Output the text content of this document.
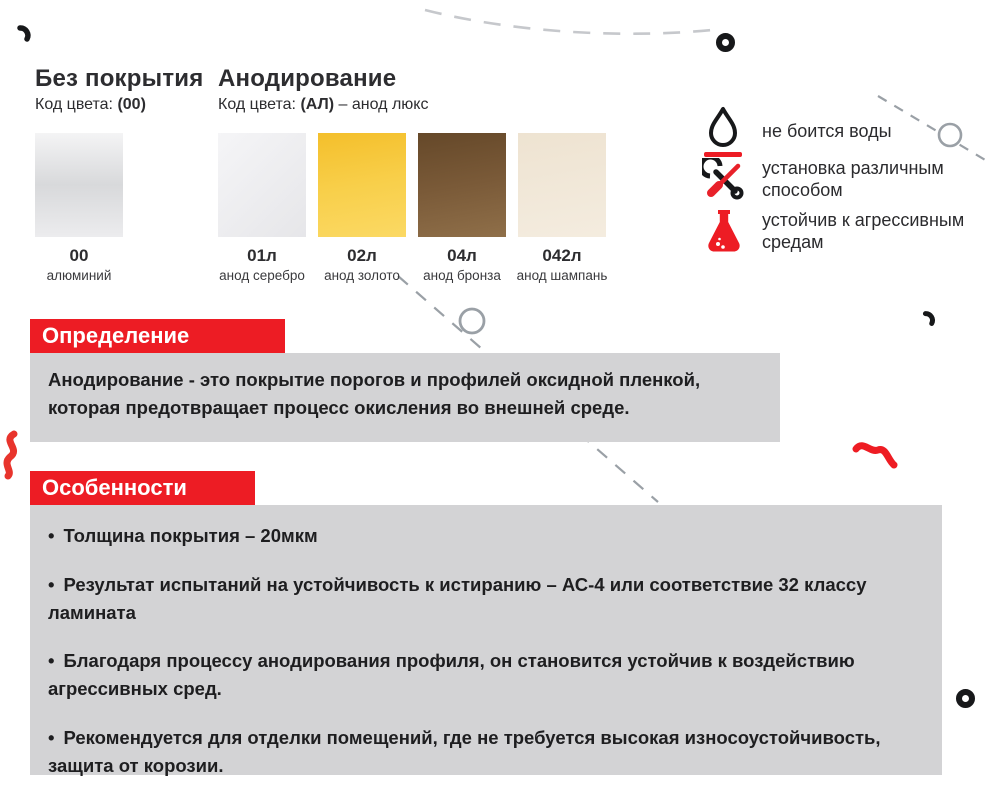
Без покрытия
Код цвета: (00)
Анодирование
Код цвета: (АЛ) – анод люкс
00
алюминий
01л
анод серебро
02л
анод золото
04л
анод бронза
042л
анод шампань
не боится воды
установка различным способом
устойчив к агрессивным средам
Определение
Анодирование - это покрытие порогов и профилей оксидной пленкой, которая предотвращает процесс окисления во внешней среде.
Особенности
• Толщина покрытия – 20мкм
• Результат испытаний на устойчивость к истиранию – АС-4 или соответствие 32 классу ламината
• Благодаря процессу анодирования профиля, он становится устойчив к воздействию агрессивных сред.
• Рекомендуется для отделки помещений, где не требуется высокая износоустойчивость, защита от корозии.
